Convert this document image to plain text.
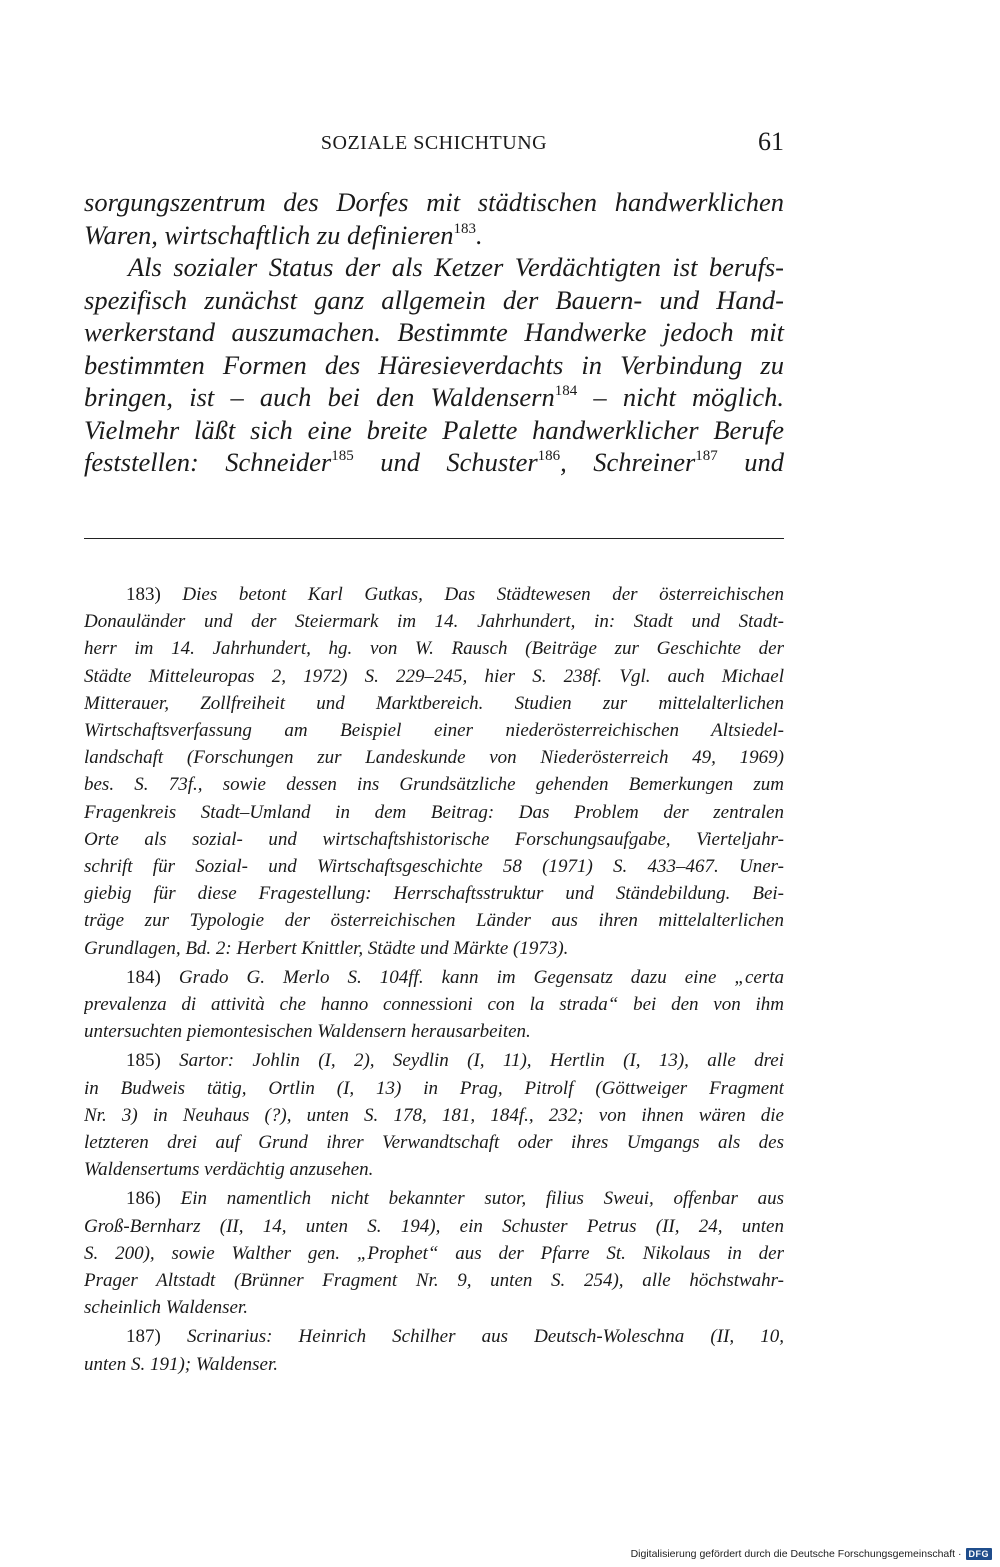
SOZIALE SCHICHTUNG	61
sorgungszentrum des Dorfes mit städtischen handwerklichen
Waren, wirtschaftlich zu definieren$^{183}$.
Als sozialer Status der als Ketzer Verdächtigten ist berufs-
spezifisch zunächst ganz allgemein der Bauern- und Hand-
werkerstand auszumachen. Bestimmte Handwerke jedoch mit
bestimmten Formen des Häresieverdachts in Verbindung zu
bringen, ist – auch bei den Waldensern$^{184}$ – nicht möglich.
Vielmehr läßt sich eine breite Palette handwerklicher Berufe
feststellen: Schneider$^{185}$ und Schuster$^{186}$, Schreiner$^{187}$ und
183) Dies betont Karl Gutkas, Das Städtewesen der österreichischen
Donauländer und der Steiermark im 14. Jahrhundert, in: Stadt und Stadt-
herr im 14. Jahrhundert, hg. von W. Rausch (Beiträge zur Geschichte der
Städte Mitteleuropas 2, 1972) S. 229–245, hier S. 238f. Vgl. auch Michael
Mitterauer, Zollfreiheit und Marktbereich. Studien zur mittelalterlichen
Wirtschaftsverfassung am Beispiel einer niederösterreichischen Altsiedel-
landschaft (Forschungen zur Landeskunde von Niederösterreich 49, 1969)
bes. S. 73f., sowie dessen ins Grundsätzliche gehenden Bemerkungen zum
Fragenkreis Stadt–Umland in dem Beitrag: Das Problem der zentralen
Orte als sozial- und wirtschaftshistorische Forschungsaufgabe, Vierteljahr-
schrift für Sozial- und Wirtschaftsgeschichte 58 (1971) S. 433–467. Uner-
giebig für diese Fragestellung: Herrschaftsstruktur und Ständebildung. Bei-
träge zur Typologie der österreichischen Länder aus ihren mittelalterlichen
Grundlagen, Bd. 2: Herbert Knittler, Städte und Märkte (1973).
184) Grado G. Merlo S. 104ff. kann im Gegensatz dazu eine „certa
prevalenza di attività che hanno connessioni con la strada“ bei den von ihm
untersuchten piemontesischen Waldensern herausarbeiten.
185) Sartor: Johlin (I, 2), Seydlin (I, 11), Hertlin (I, 13), alle drei
in Budweis tätig, Ortlin (I, 13) in Prag, Pitrolf (Göttweiger Fragment
Nr. 3) in Neuhaus (?), unten S. 178, 181, 184f., 232; von ihnen wären die
letzteren drei auf Grund ihrer Verwandtschaft oder ihres Umgangs als des
Waldensertums verdächtig anzusehen.
186) Ein namentlich nicht bekannter sutor, filius Sweui, offenbar aus
Groß-Bernharz (II, 14, unten S. 194), ein Schuster Petrus (II, 24, unten
S. 200), sowie Walther gen. „Prophet“ aus der Pfarre St. Nikolaus in der
Prager Altstadt (Brünner Fragment Nr. 9, unten S. 254), alle höchstwahr-
scheinlich Waldenser.
187) Scrinarius: Heinrich Schilher aus Deutsch-Woleschna (II, 10,
unten S. 191); Waldenser.
Digitalisierung gefördert durch die Deutsche Forschungsgemeinschaft · DFG
